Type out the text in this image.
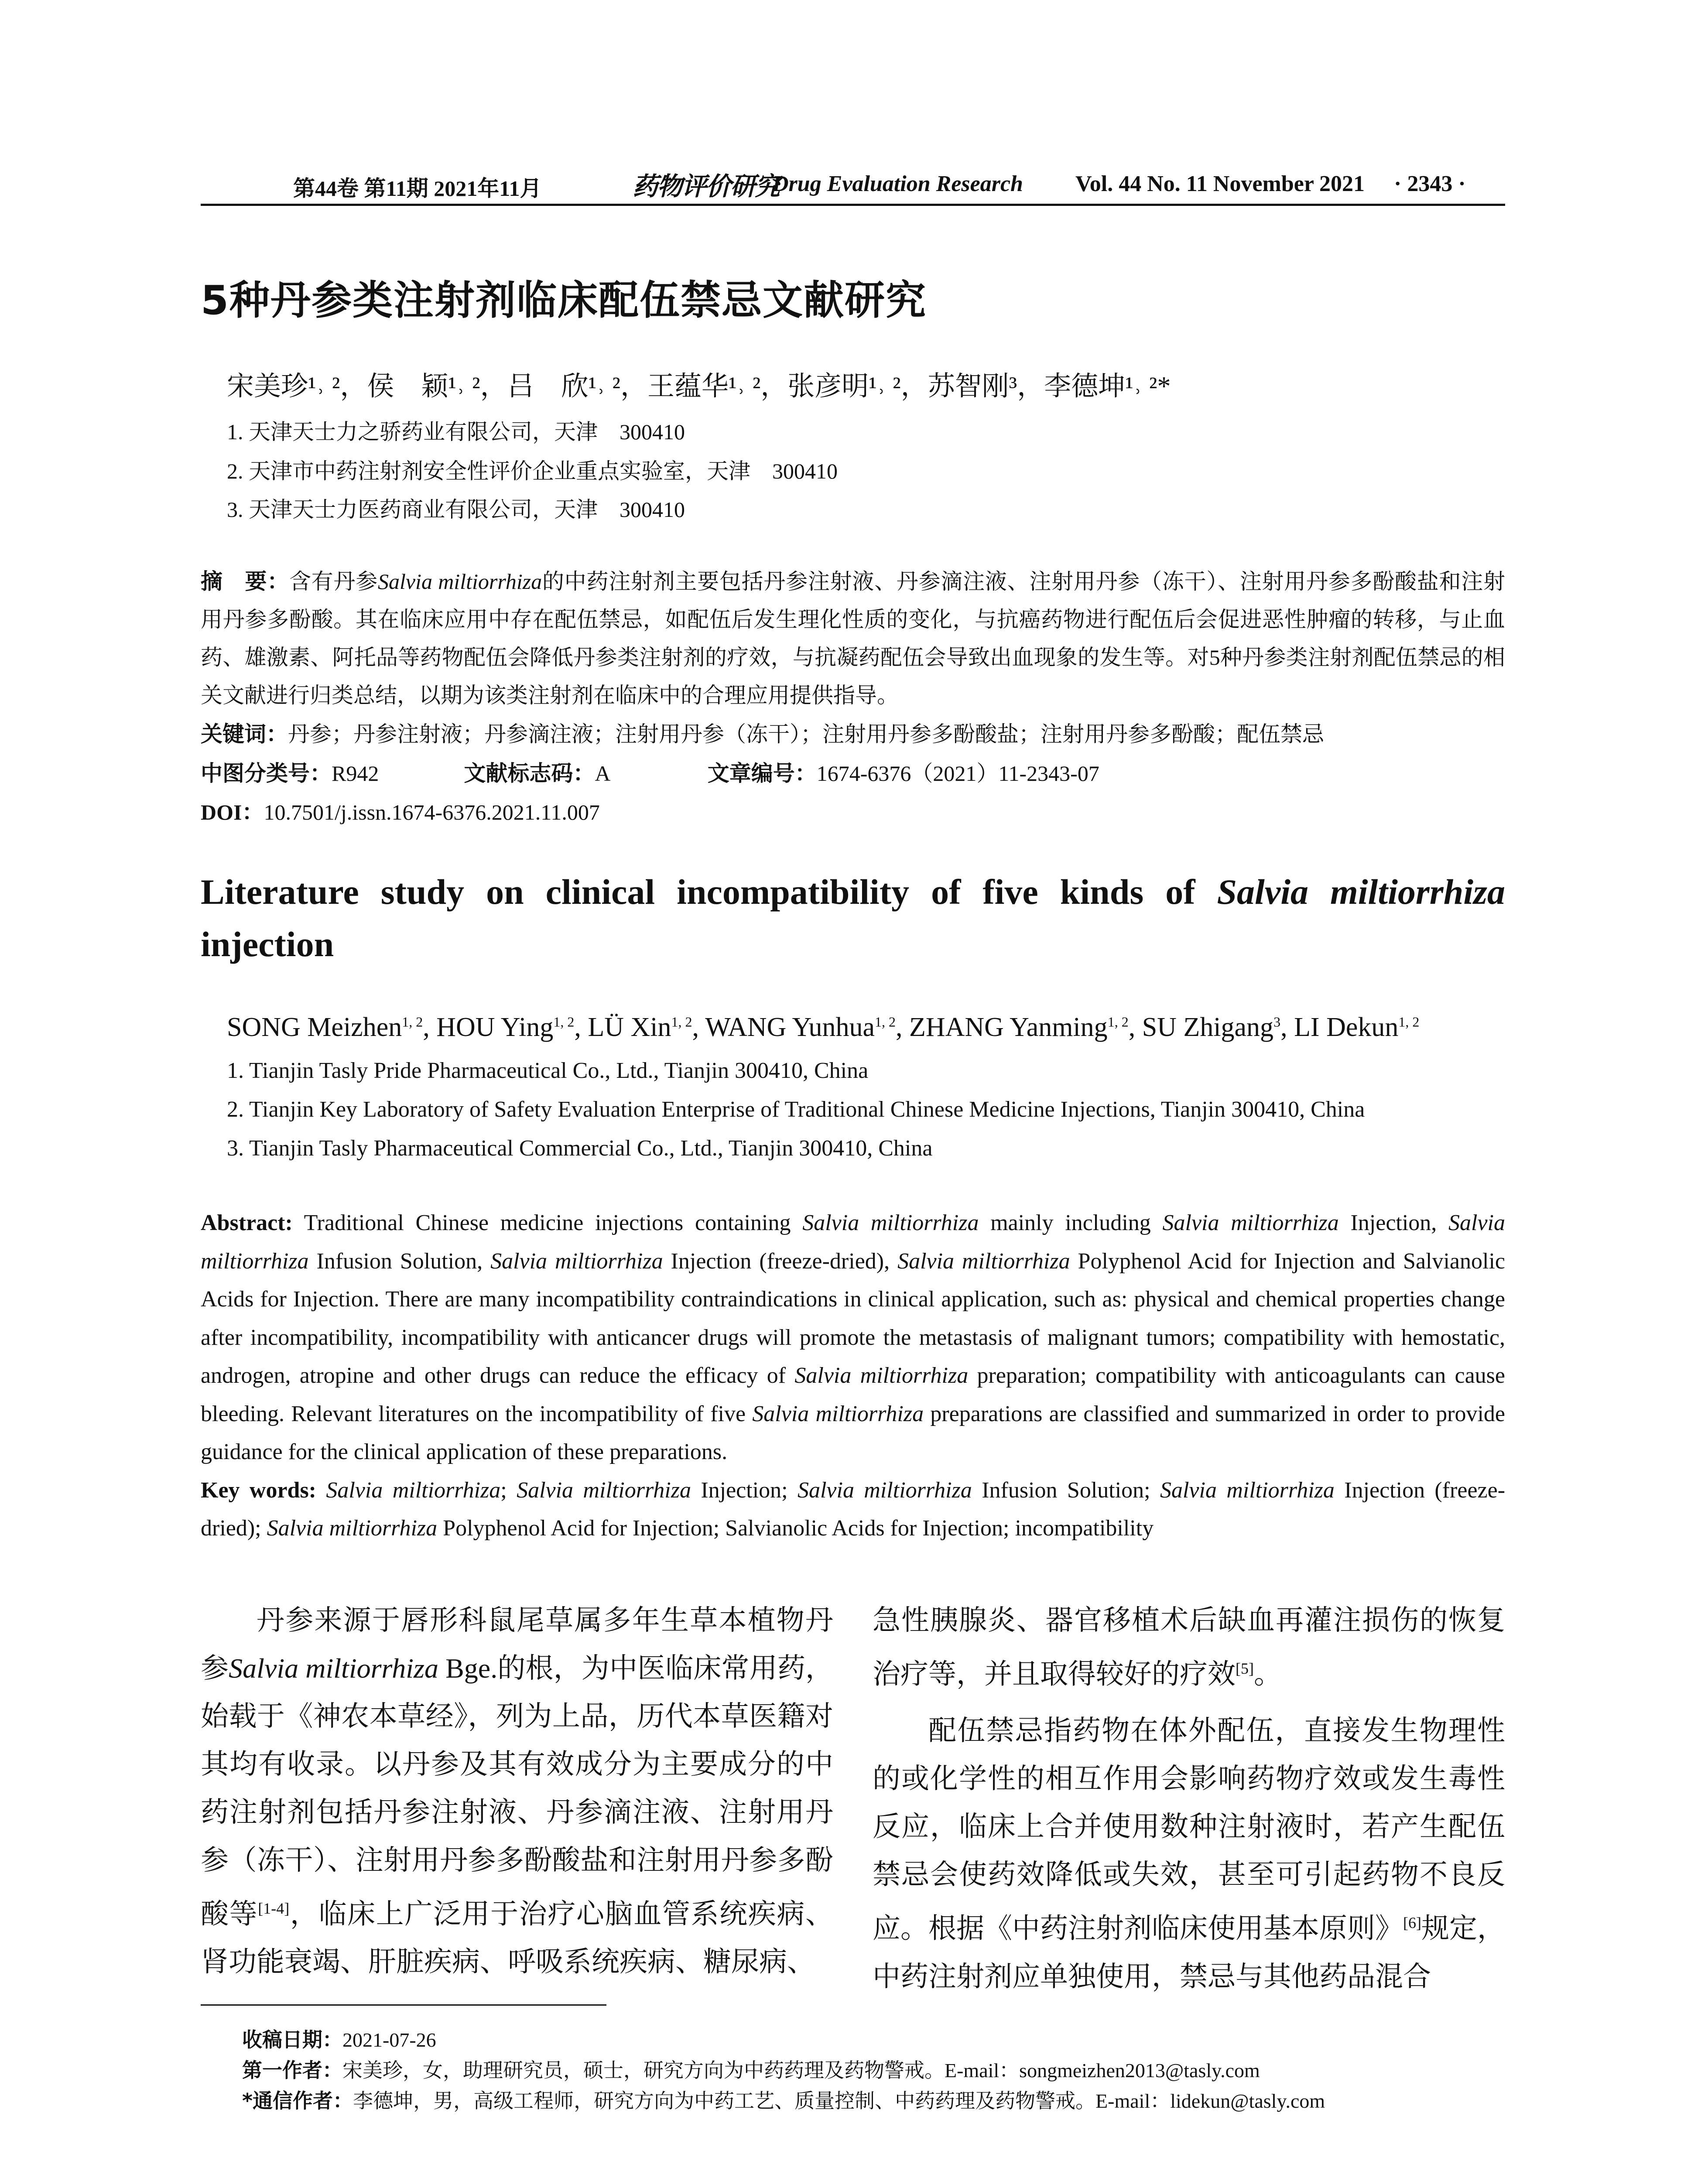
第44卷 第11期 2021年11月	药物评价研究
Drug Evaluation Research Vol. 44 No. 11 November 2021 · 2343 ·
5种丹参类注射剂临床配伍禁忌文献研究
宋美珍¹˒ ²，侯　颖¹˒ ²，吕　欣¹˒ ²，王蕴华¹˒ ²，张彦明¹˒ ²，苏智刚³，李德坤¹˒ ²*
1. 天津天士力之骄药业有限公司，天津　300410
2. 天津市中药注射剂安全性评价企业重点实验室，天津　300410
3. 天津天士力医药商业有限公司，天津　300410
摘　要：含有丹参Salvia miltiorrhiza的中药注射剂主要包括丹参注射液、丹参滴注液、注射用丹参（冻干）、注射用丹参多酚酸盐和注射用丹参多酚酸。其在临床应用中存在配伍禁忌，如配伍后发生理化性质的变化，与抗癌药物进行配伍后会促进恶性肿瘤的转移，与止血药、雄激素、阿托品等药物配伍会降低丹参类注射剂的疗效，与抗凝药配伍会导致出血现象的发生等。对5种丹参类注射剂配伍禁忌的相关文献进行归类总结，以期为该类注射剂在临床中的合理应用提供指导。
关键词：丹参；丹参注射液；丹参滴注液；注射用丹参（冻干）；注射用丹参多酚酸盐；注射用丹参多酚酸；配伍禁忌
中图分类号：R942	文献标志码：A	文章编号：1674-6376（2021）11-2343-07
DOI：10.7501/j.issn.1674-6376.2021.11.007
Literature study on clinical incompatibility of five kinds of Salvia miltiorrhiza injection
SONG Meizhen$^{1, 2}$, HOU Ying$^{1, 2}$, LÜ Xin$^{1, 2}$, WANG Yunhua$^{1, 2}$, ZHANG Yanming$^{1, 2}$, SU Zhigang$^3$, LI Dekun$^{1, 2}$
1. Tianjin Tasly Pride Pharmaceutical Co., Ltd., Tianjin 300410, China
2. Tianjin Key Laboratory of Safety Evaluation Enterprise of Traditional Chinese Medicine Injections, Tianjin 300410, China
3. Tianjin Tasly Pharmaceutical Commercial Co., Ltd., Tianjin 300410, China
Abstract: Traditional Chinese medicine injections containing Salvia miltiorrhiza mainly including Salvia miltiorrhiza Injection, Salvia miltiorrhiza Infusion Solution, Salvia miltiorrhiza Injection (freeze-dried), Salvia miltiorrhiza Polyphenol Acid for Injection and Salvianolic Acids for Injection. There are many incompatibility contraindications in clinical application, such as: physical and chemical properties change after incompatibility, incompatibility with anticancer drugs will promote the metastasis of malignant tumors; compatibility with hemostatic, androgen, atropine and other drugs can reduce the efficacy of Salvia miltiorrhiza preparation; compatibility with anticoagulants can cause bleeding. Relevant literatures on the incompatibility of five Salvia miltiorrhiza preparations are classified and summarized in order to provide guidance for the clinical application of these preparations.
Key words: Salvia miltiorrhiza; Salvia miltiorrhiza Injection; Salvia miltiorrhiza Infusion Solution; Salvia miltiorrhiza Injection (freeze-dried); Salvia miltiorrhiza Polyphenol Acid for Injection; Salvianolic Acids for Injection; incompatibility

丹参来源于唇形科鼠尾草属多年生草本植物丹参Salvia miltiorrhiza Bge.的根，为中医临床常用药，始载于《神农本草经》，列为上品，历代本草医籍对其均有收录。以丹参及其有效成分为主要成分的中药注射剂包括丹参注射液、丹参滴注液、注射用丹参（冻干）、注射用丹参多酚酸盐和注射用丹参多酚酸等[1-4]，临床上广泛用于治疗心脑血管系统疾病、肾功能衰竭、肝脏疾病、呼吸系统疾病、糖尿病、

急性胰腺炎、器官移植术后缺血再灌注损伤的恢复治疗等，并且取得较好的疗效[5]。

配伍禁忌指药物在体外配伍，直接发生物理性的或化学性的相互作用会影响药物疗效或发生毒性反应，临床上合并使用数种注射液时，若产生配伍禁忌会使药效降低或失效，甚至可引起药物不良反应。根据《中药注射剂临床使用基本原则》[6]规定，中药注射剂应单独使用，禁忌与其他药品混合

收稿日期：2021-07-26
第一作者：宋美珍，女，助理研究员，硕士，研究方向为中药药理及药物警戒。E-mail：songmeizhen2013@tasly.com
*通信作者：李德坤，男，高级工程师，研究方向为中药工艺、质量控制、中药药理及药物警戒。E-mail：lidekun@tasly.com
